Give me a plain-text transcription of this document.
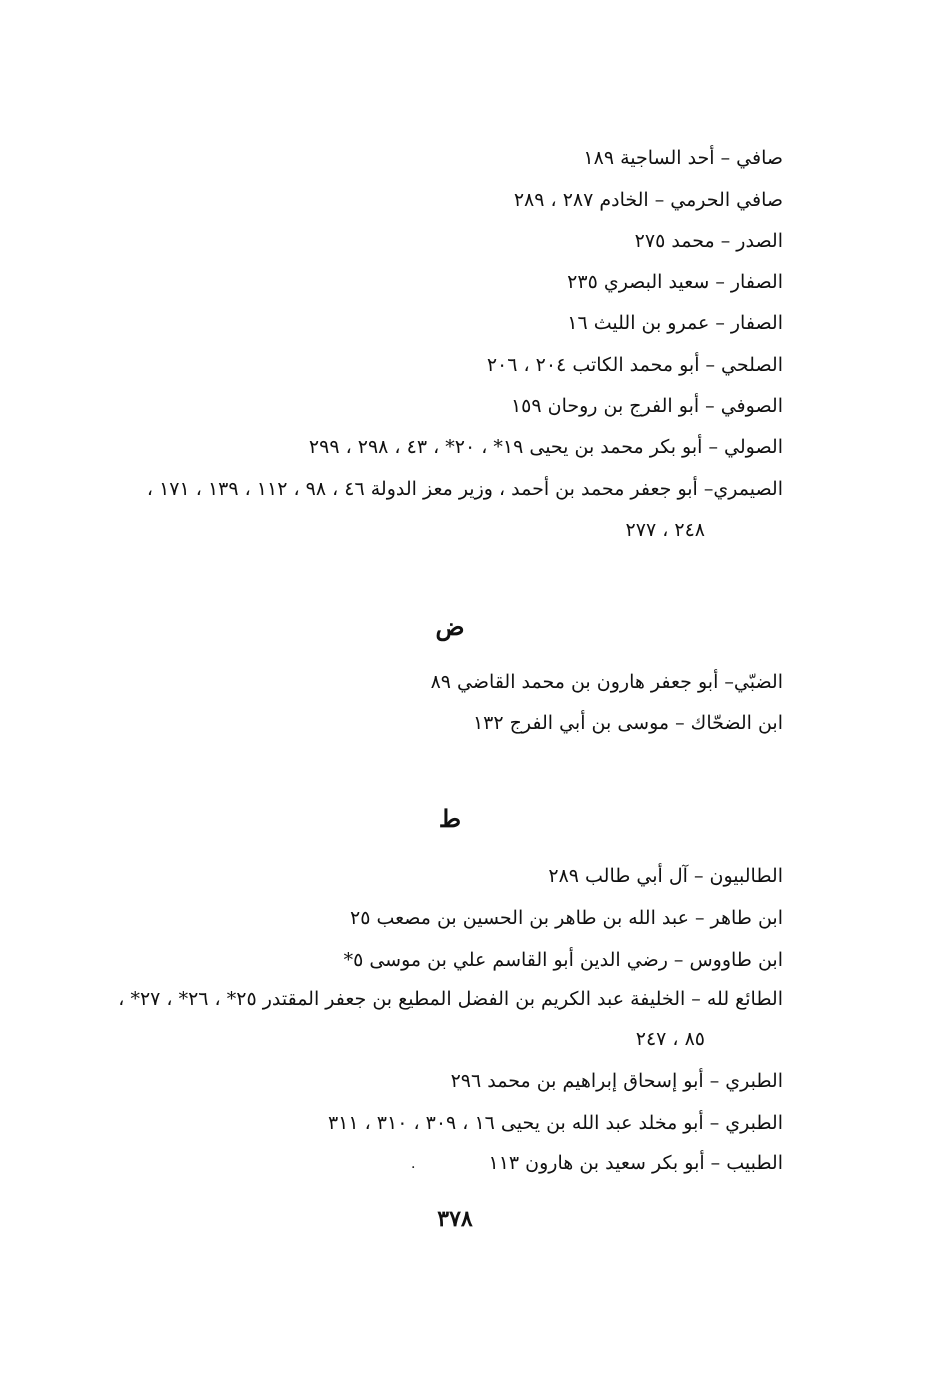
صافي – أحد الساجية ١٨٩
صافي الحرمي – الخادم ٢٨٧ ، ٢٨٩
الصدر – محمد ٢٧٥
الصفار – سعيد البصري ٢٣٥
الصفار – عمرو بن الليث ١٦
الصلحي – أبو محمد الكاتب ٢٠٤ ، ٢٠٦
الصوفي – أبو الفرج بن روحان ١٥٩
الصولي – أبو بكر محمد بن يحيى ١٩* ، ٢٠* ، ٤٣ ، ٢٩٨ ، ٢٩٩
الصيمري– أبو جعفر محمد بن أحمد ، وزير معز الدولة ٤٦ ، ٩٨ ، ١١٢ ، ١٣٩ ، ١٧١ ،
٢٤٨ ، ٢٧٧
ض
الضبّي– أبو جعفر هارون بن محمد القاضي ٨٩
ابن الضحّاك – موسى بن أبي الفرج ١٣٢
ط
الطالبيون – آل أبي طالب ٢٨٩
ابن طاهر – عبد الله بن طاهر بن الحسين بن مصعب ٢٥
ابن طاووس – رضي الدين أبو القاسم علي بن موسى ٥*
الطائع لله – الخليفة عبد الكريم بن الفضل المطيع بن جعفر المقتدر ٢٥* ، ٢٦* ، ٢٧* ،
٨٥ ، ٢٤٧
الطبري – أبو إسحاق إبراهيم بن محمد ٢٩٦
الطبري – أبو مخلد عبد الله بن يحيى ١٦ ، ٣٠٩ ، ٣١٠ ، ٣١١
الطبيب – أبو بكر سعيد بن هارون ١١٣
·
٣٧٨
